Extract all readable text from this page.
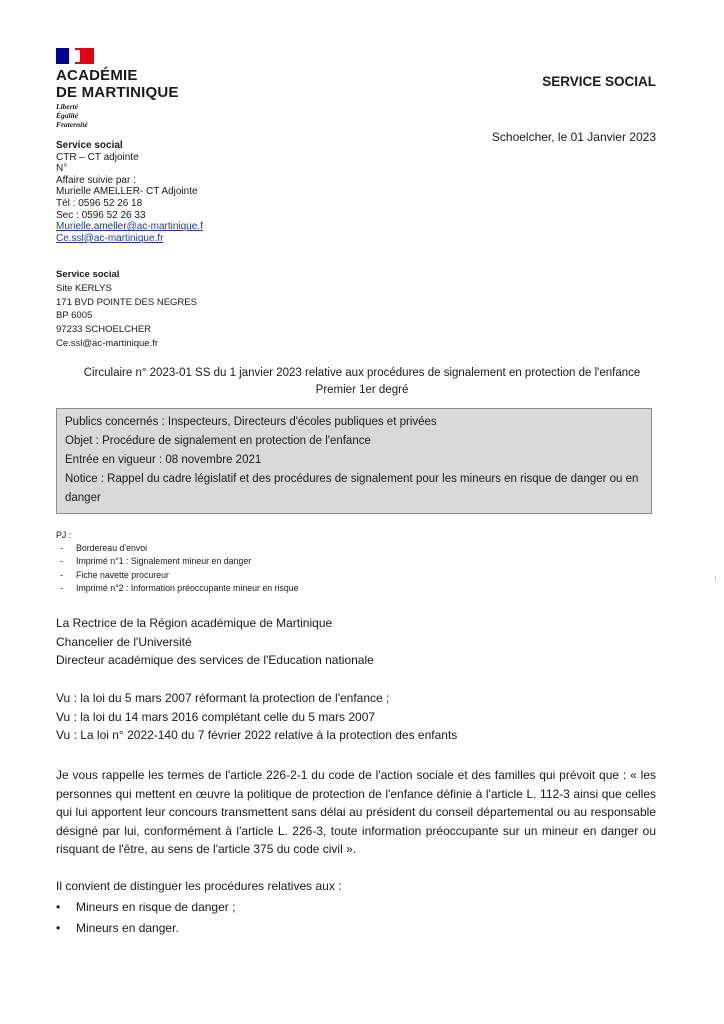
ACADÉMIE
DE MARTINIQUE
Liberté
Égalité
Fraternité
SERVICE SOCIAL
Schoelcher, le 01 Janvier 2023
Service social
CTR – CT adjointe
N°
Affaire suivie par :
Murielle AMELLER- CT Adjointe
Tél : 0596 52 26 18
Sec : 0596 52 26 33
Murielle.ameller@ac-martinique.f
Ce.ssl@ac-martinique.fr
Service social
Site KERLYS
171 BVD POINTE DES NEGRES
BP 6005
97233 SCHOELCHER
Ce.ssl@ac-martinique.fr
Circulaire n° 2023-01 SS du 1 janvier 2023 relative aux procédures de signalement en protection de l'enfance
Premier 1er degré
Publics concernés : Inspecteurs, Directeurs d'écoles publiques et privées
Objet : Procédure de signalement en protection de l'enfance
Entrée en vigueur : 08 novembre 2021
Notice : Rappel du cadre législatif et des procédures de signalement pour les mineurs en risque de danger ou en danger
PJ :
- Bordereau d'envoi
- Imprimé n°1 : Signalement mineur en danger
- Fiche navette procureur
- Imprimé n°2 : Information préoccupante mineur en risque
La Rectrice de la Région académique de Martinique
Chancelier de l'Université
Directeur académique des services de l'Education nationale
Vu : la loi du 5 mars 2007 réformant la protection de l'enfance ;
Vu : la loi du 14 mars 2016 complétant celle du 5 mars 2007
Vu : La loi n° 2022-140 du 7 février 2022 relative à la protection des enfants
Je vous rappelle les termes de l'article 226-2-1 du code de l'action sociale et des familles qui prévoit que : « les personnes qui mettent en œuvre la politique de protection de l'enfance définie à l'article L. 112-3 ainsi que celles qui lui apportent leur concours transmettent sans délai au président du conseil départemental ou au responsable désigné par lui, conformément à l'article L. 226-3, toute information préoccupante sur un mineur en danger ou risquant de l'être, au sens de l'article 375 du code civil ».
Il convient de distinguer les procédures relatives aux :
• Mineurs en risque de danger ;
• Mineurs en danger.
